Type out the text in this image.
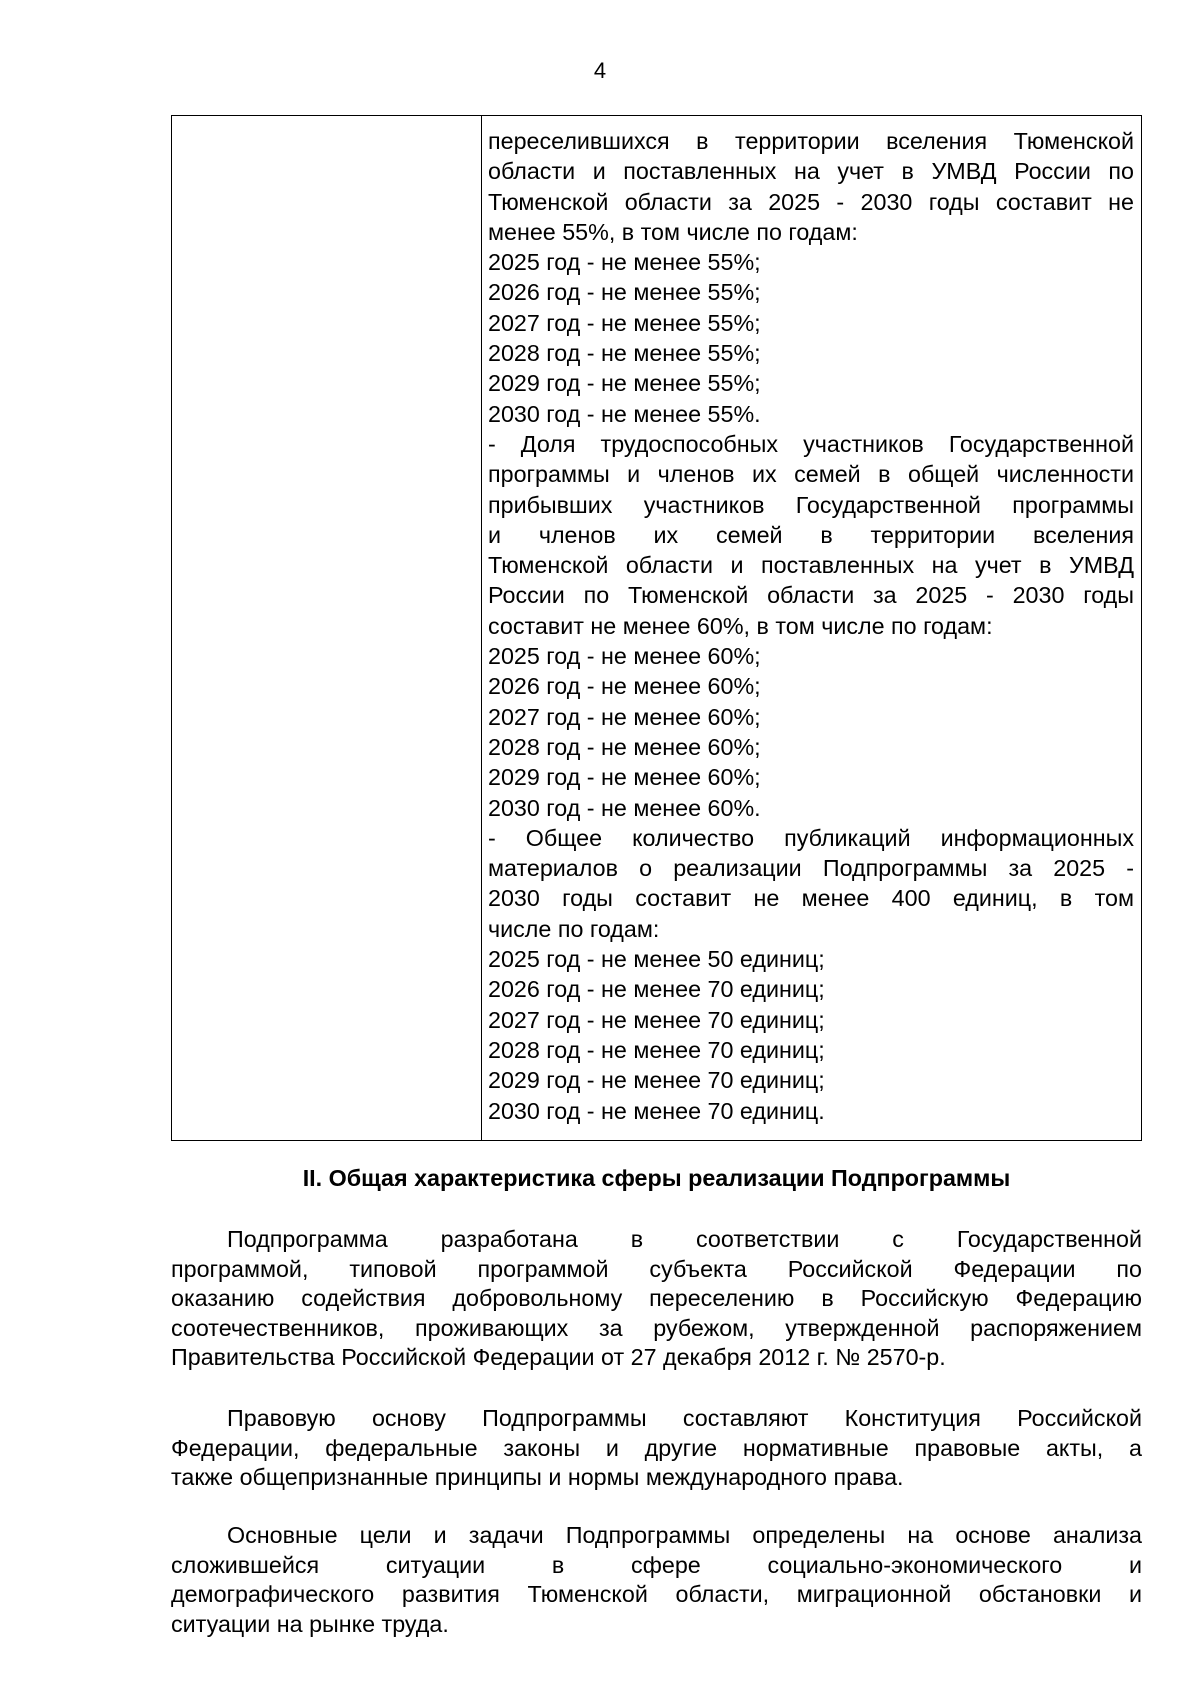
4

переселившихся в территории вселения Тюменской
области и поставленных на учет в УМВД России по
Тюменской области за 2025 - 2030 годы составит не
менее 55%, в том числе по годам:
2025 год - не менее 55%;
2026 год - не менее 55%;
2027 год - не менее 55%;
2028 год - не менее 55%;
2029 год - не менее 55%;
2030 год - не менее 55%.
- Доля трудоспособных участников Государственной
программы и членов их семей в общей численности
прибывших участников Государственной программы
и членов их семей в территории вселения
Тюменской области и поставленных на учет в УМВД
России по Тюменской области за 2025 - 2030 годы
составит не менее 60%, в том числе по годам:
2025 год - не менее 60%;
2026 год - не менее 60%;
2027 год - не менее 60%;
2028 год - не менее 60%;
2029 год - не менее 60%;
2030 год - не менее 60%.
- Общее количество публикаций информационных
материалов о реализации Подпрограммы за 2025 -
2030 годы составит не менее 400 единиц, в том
числе по годам:
2025 год - не менее 50 единиц;
2026 год - не менее 70 единиц;
2027 год - не менее 70 единиц;
2028 год - не менее 70 единиц;
2029 год - не менее 70 единиц;
2030 год - не менее 70 единиц.
II. Общая характеристика сферы реализации Подпрограммы
Подпрограмма разработана в соответствии с Государственной
программой, типовой программой субъекта Российской Федерации по
оказанию содействия добровольному переселению в Российскую Федерацию
соотечественников, проживающих за рубежом, утвержденной распоряжением
Правительства Российской Федерации от 27 декабря 2012 г. № 2570-р.
Правовую основу Подпрограммы составляют Конституция Российской
Федерации, федеральные законы и другие нормативные правовые акты, а
также общепризнанные принципы и нормы международного права.
Основные цели и задачи Подпрограммы определены на основе анализа
сложившейся ситуации в сфере социально-экономического и
демографического развития Тюменской области, миграционной обстановки и
ситуации на рынке труда.
